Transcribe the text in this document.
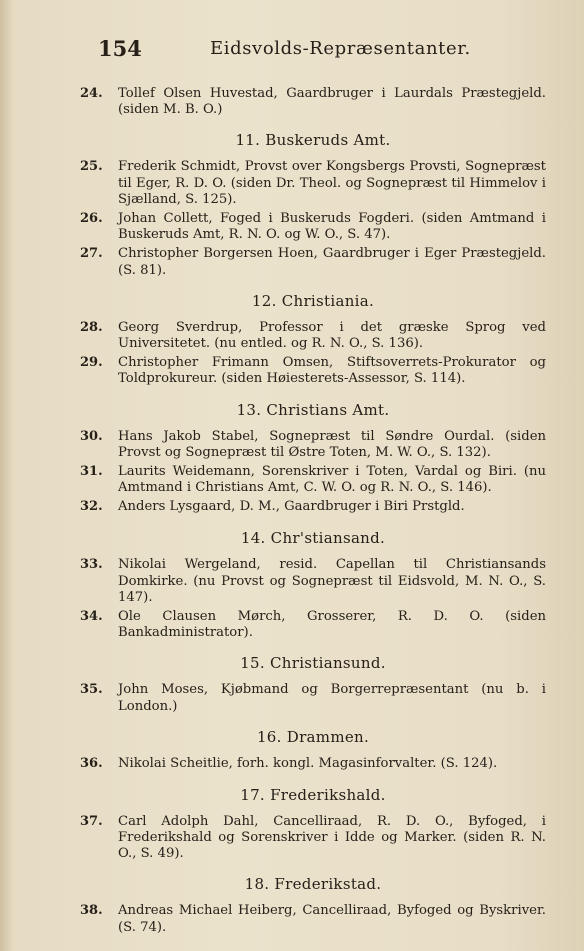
154	Eidsvolds-Repræsentanter.
24. Tollef Olsen Huvestad, Gaardbruger i Laurdals Præstegjeld. (siden M. B. O.)
11. Buskeruds Amt.
25. Frederik Schmidt, Provst over Kongsbergs Provsti, Sognepræst til Eger, R. D. O. (siden Dr. Theol. og Sognepræst til Himmelov i Sjælland, S. 125).
26. Johan Collett, Foged i Buskeruds Fogderi. (siden Amtmand i Buskeruds Amt, R. N. O. og W. O., S. 47).
27. Christopher Borgersen Hoen, Gaardbruger i Eger Præstegjeld. (S. 81).
12. Christiania.
28. Georg Sverdrup, Professor i det græske Sprog ved Universitetet. (nu entled. og R. N. O., S. 136).
29. Christopher Frimann Omsen, Stiftsoverrets-Prokurator og Toldprokureur. (siden Høiesterets-Assessor, S. 114).
13. Christians Amt.
30. Hans Jakob Stabel, Sognepræst til Søndre Ourdal. (siden Provst og Sognepræst til Østre Toten, M. W. O., S. 132).
31. Laurits Weidemann, Sorenskriver i Toten, Vardal og Biri. (nu Amtmand i Christians Amt, C. W. O. og R. N. O., S. 146).
32. Anders Lysgaard, D. M., Gaardbruger i Biri Prstgld.
14. Chr'stiansand.
33. Nikolai Wergeland, resid. Capellan til Christiansands Domkirke. (nu Provst og Sognepræst til Eidsvold, M. N. O., S. 147).
34. Ole Clausen Mørch, Grosserer, R. D. O. (siden Bankadministrator).
15. Christiansund.
35. John Moses, Kjøbmand og Borgerrepræsentant (nu b. i London.)
16. Drammen.
36. Nikolai Scheitlie, forh. kongl. Magasinforvalter. (S. 124).
17. Frederikshald.
37. Carl Adolph Dahl, Cancelliraad, R. D. O., Byfoged, i Frederikshald og Sorenskriver i Idde og Marker. (siden R. N. O., S. 49).
18. Frederikstad.
38. Andreas Michael Heiberg, Cancelliraad, Byfoged og Byskriver. (S. 74).
